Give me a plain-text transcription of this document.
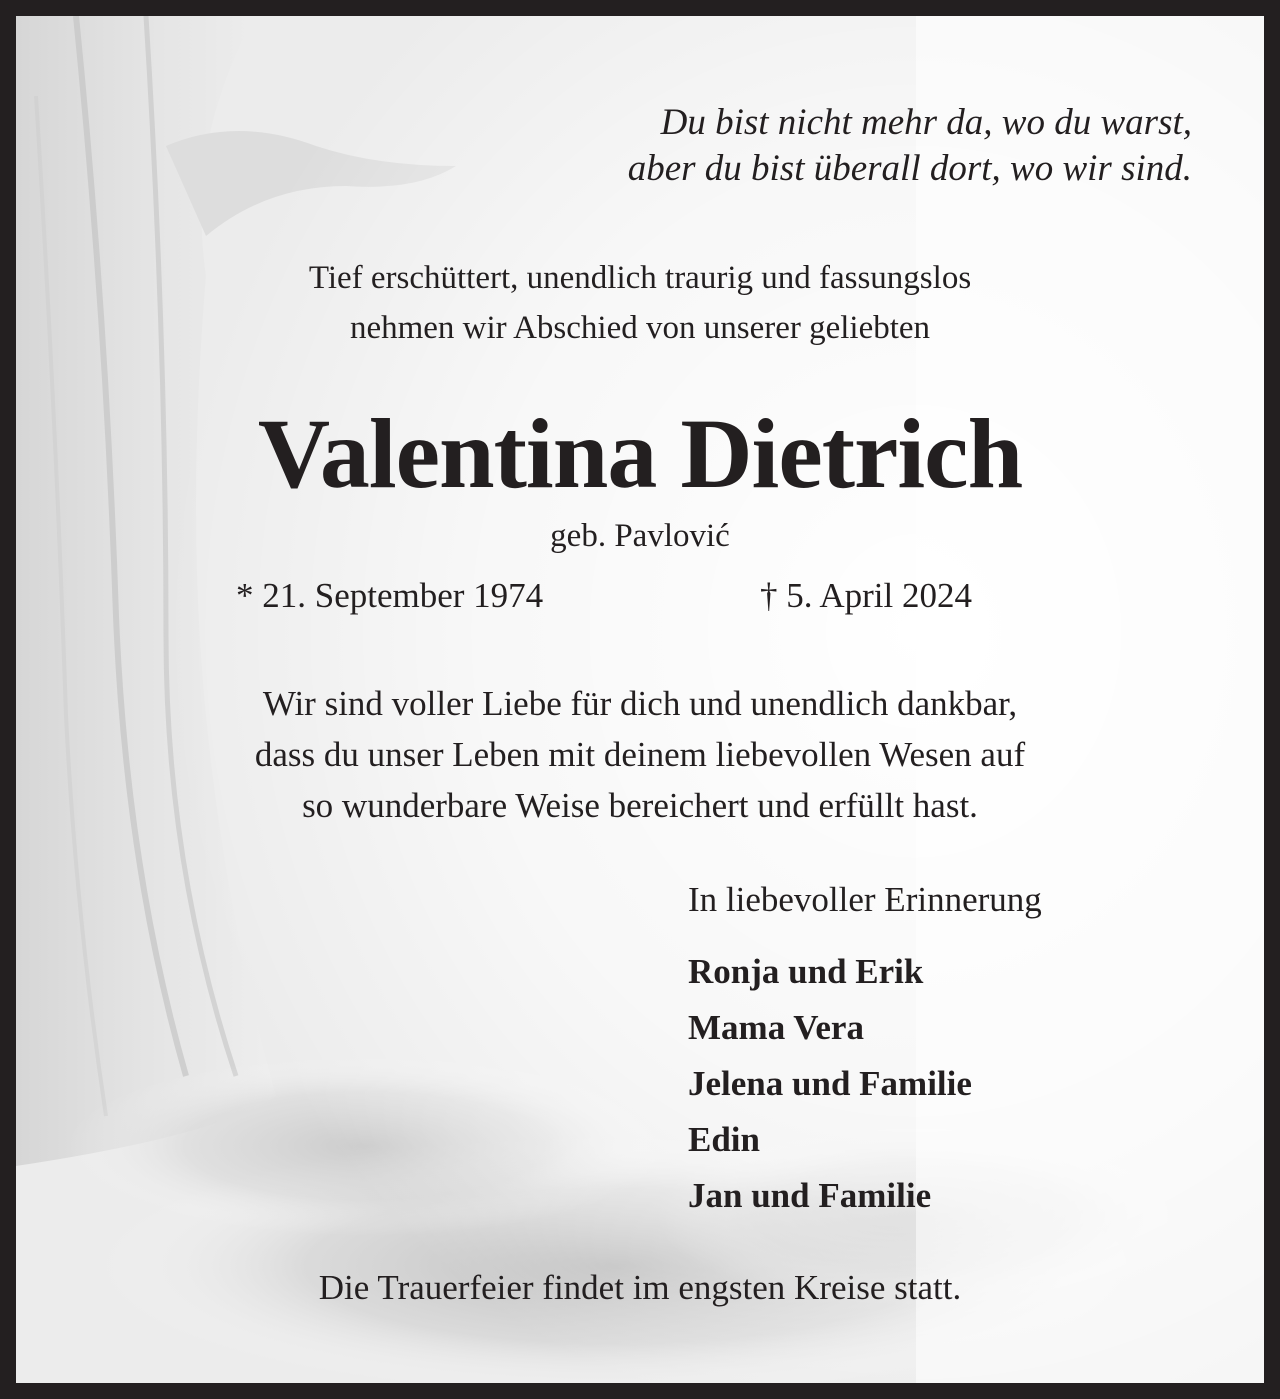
Du bist nicht mehr da, wo du warst,
aber du bist überall dort, wo wir sind.
Tief erschüttert, unendlich traurig und fassungslos
nehmen wir Abschied von unserer geliebten
Valentina Dietrich
geb. Pavlović
* 21. September 1974	† 5. April 2024
Wir sind voller Liebe für dich und unendlich dankbar,
dass du unser Leben mit deinem liebevollen Wesen auf
so wunderbare Weise bereichert und erfüllt hast.
In liebevoller Erinnerung
Ronja und Erik
Mama Vera
Jelena und Familie
Edin
Jan und Familie
Die Trauerfeier findet im engsten Kreise statt.
